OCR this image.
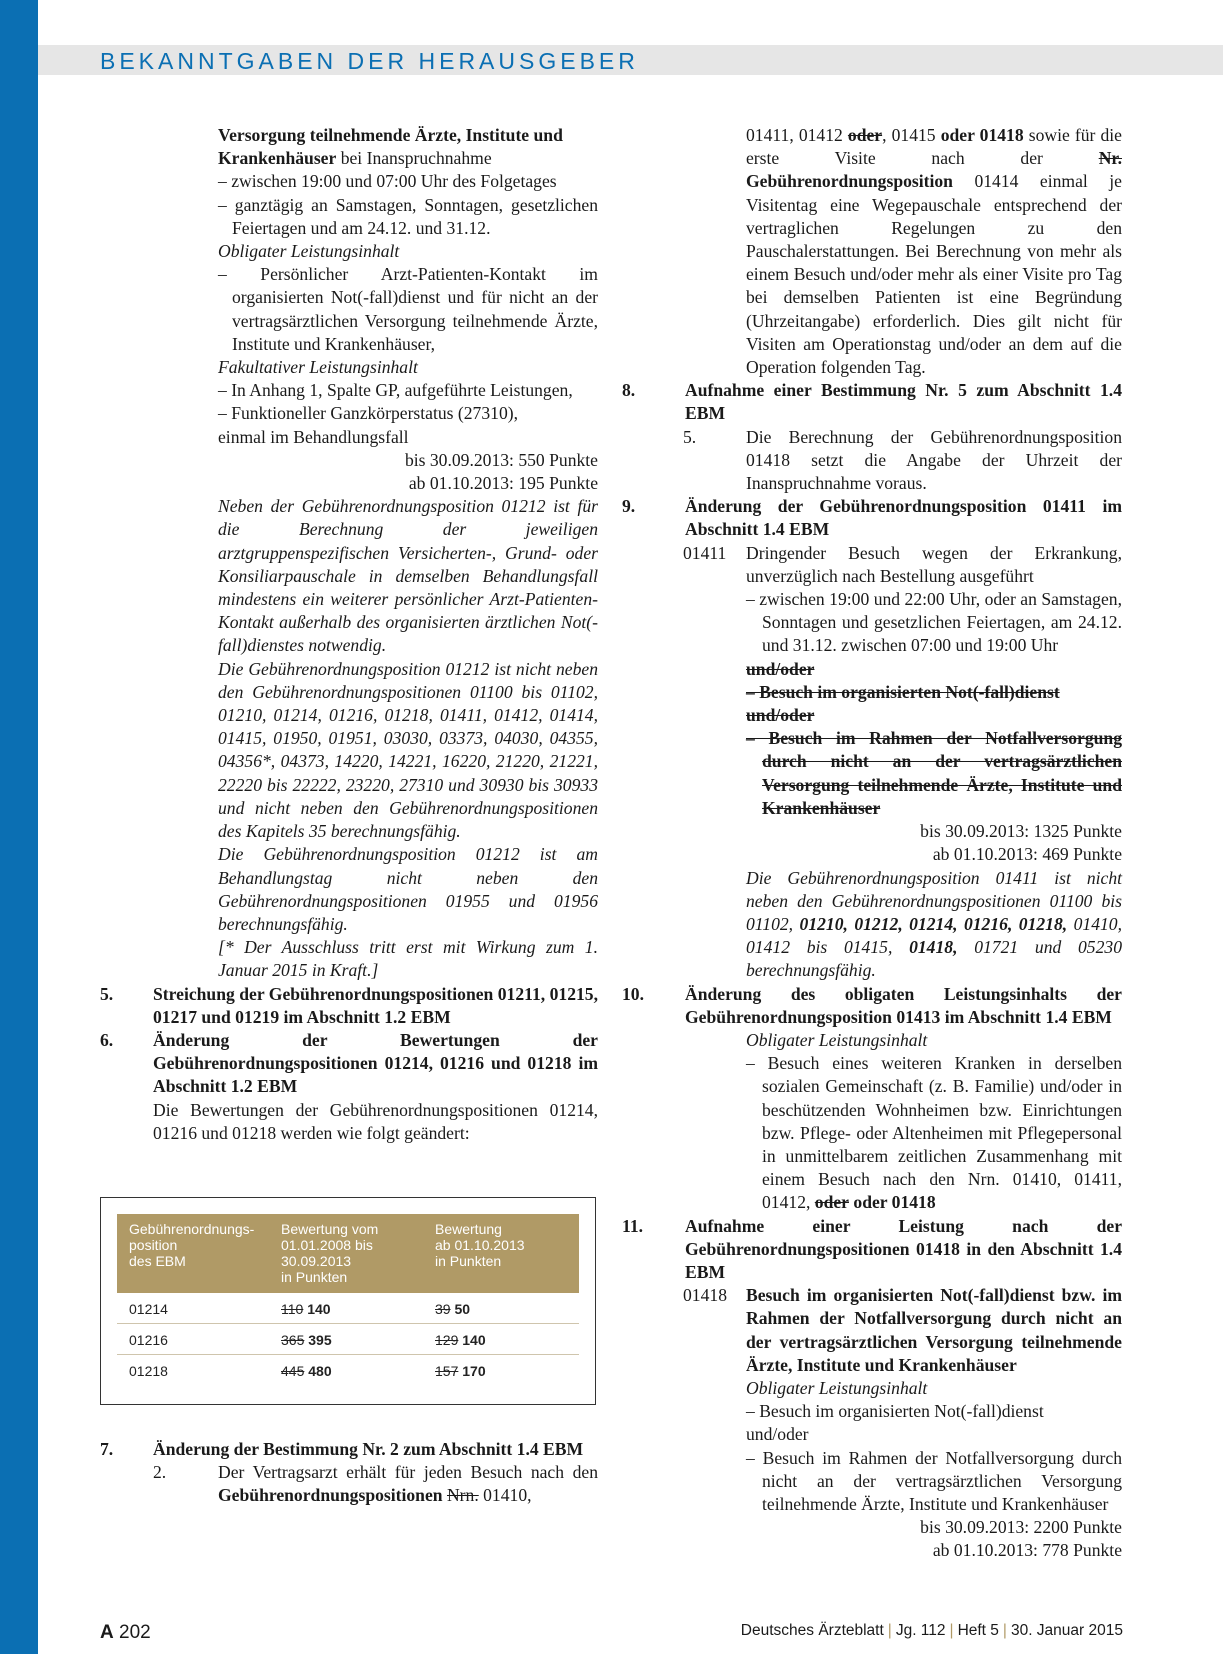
BEKANNTGABEN DER HERAUSGEBER

Versorgung teilnehmende Ärzte, Institute und
Krankenhäuser bei Inanspruchnahme

– zwischen 19:00 und 07:00 Uhr des Folgetages

– ganztägig an Samstagen, Sonntagen, gesetzlichen Feiertagen und am 24.12. und 31.12.

Obligater Leistungsinhalt

– Persönlicher Arzt-Patienten-Kontakt im organisierten Not(-fall)dienst und für nicht an der vertragsärztlichen Versorgung teilnehmende Ärzte, Institute und Krankenhäuser,

Fakultativer Leistungsinhalt

– In Anhang 1, Spalte GP, aufgeführte Leistungen,

– Funktioneller Ganzkörperstatus (27310),

einmal im Behandlungsfall

bis 30.09.2013: 550 Punkte

ab 01.10.2013: 195 Punkte

Neben der Gebührenordnungsposition 01212 ist für die Berechnung der jeweiligen arztgruppenspezifischen Versicherten-, Grund- oder Konsiliarpauschale in demselben Behandlungsfall mindestens ein weiterer persönlicher Arzt-Patienten-Kontakt außerhalb des organisierten ärztlichen Not(-fall)dienstes notwendig.

Die Gebührenordnungsposition 01212 ist nicht neben den Gebührenordnungspositionen 01100 bis 01102, 01210, 01214, 01216, 01218, 01411, 01412, 01414, 01415, 01950, 01951, 03030, 03373, 04030, 04355, 04356*, 04373, 14220, 14221, 16220, 21220, 21221, 22220 bis 22222, 23220, 27310 und 30930 bis 30933 und nicht neben den Gebührenordnungspositionen des Kapitels 35 berechnungsfähig.

Die Gebührenordnungsposition 01212 ist am Behandlungstag nicht neben den Gebührenordnungspositionen 01955 und 01956 berechnungsfähig.

[* Der Ausschluss tritt erst mit Wirkung zum 1. Januar 2015 in Kraft.]

5.	Streichung der Gebührenordnungspositionen 01211, 01215, 01217 und 01219 im Abschnitt 1.2 EBM
6.	Änderung der Bewertungen der Gebührenordnungspositionen 01214, 01216 und 01218 im Abschnitt 1.2 EBM

Die Bewertungen der Gebührenordnungspositionen 01214, 01216 und 01218 werden wie folgt geändert:

Gebührenordnungs-
position
des EBM	Bewertung vom
01.01.2008 bis
30.09.2013
in Punkten	Bewertung
ab 01.10.2013
in Punkten
01214	110 140	39 50
01216	365 395	129 140
01218	445 480	157 170
7.	Änderung der Bestimmung Nr. 2 zum Abschnitt 1.4 EBM
2.	Der Vertragsarzt erhält für jeden Besuch nach den Gebührenordnungspositionen Nrn. 01410,

01411, 01412 oder, 01415 oder 01418 sowie für die erste Visite nach der Nr. Gebührenordnungsposition 01414 einmal je Visitentag eine Wegepauschale entsprechend der vertraglichen Regelungen zu den Pauschalerstattungen. Bei Berechnung von mehr als einem Besuch und/oder mehr als einer Visite pro Tag bei demselben Patienten ist eine Begründung (Uhrzeitangabe) erforderlich. Dies gilt nicht für Visiten am Operationstag und/oder an dem auf die Operation folgenden Tag.

8.	Aufnahme einer Bestimmung Nr. 5 zum Abschnitt 1.4 EBM
5.	Die Berechnung der Gebührenordnungsposition 01418 setzt die Angabe der Uhrzeit der Inanspruchnahme voraus.
9.	Änderung der Gebührenordnungsposition 01411 im Abschnitt 1.4 EBM
01411	Dringender Besuch wegen der Erkrankung, unverzüglich nach Bestellung ausgeführt

– zwischen 19:00 und 22:00 Uhr, oder an Samstagen, Sonntagen und gesetzlichen Feiertagen, am 24.12. und 31.12. zwischen 07:00 und 19:00 Uhr

und/oder

– Besuch im organisierten Not(-fall)dienst

und/oder

– Besuch im Rahmen der Notfallversorgung durch nicht an der vertragsärztlichen Versorgung teilnehmende Ärzte, Institute und Krankenhäuser

bis 30.09.2013: 1325 Punkte

ab 01.10.2013: 469 Punkte

Die Gebührenordnungsposition 01411 ist nicht neben den Gebührenordnungspositionen 01100 bis 01102, 01210, 01212, 01214, 01216, 01218, 01410, 01412 bis 01415, 01418, 01721 und 05230 berechnungsfähig.

10.	Änderung des obligaten Leistungsinhalts der Gebührenordnungsposition 01413 im Abschnitt 1.4 EBM

Obligater Leistungsinhalt

– Besuch eines weiteren Kranken in derselben sozialen Gemeinschaft (z. B. Familie) und/oder in beschützenden Wohnheimen bzw. Einrichtungen bzw. Pflege- oder Altenheimen mit Pflegepersonal in unmittelbarem zeitlichen Zusammenhang mit einem Besuch nach den Nrn. 01410, 01411, 01412, oder oder 01418

11.	Aufnahme einer Leistung nach der Gebührenordnungspositionen 01418 in den Abschnitt 1.4 EBM
01418	Besuch im organisierten Not(-fall)dienst bzw. im Rahmen der Notfallversorgung durch nicht an der vertragsärztlichen Versorgung teilnehmende Ärzte, Institute und Krankenhäuser

Obligater Leistungsinhalt

– Besuch im organisierten Not(-fall)dienst

und/oder

– Besuch im Rahmen der Notfallversorgung durch nicht an der vertragsärztlichen Versorgung teilnehmende Ärzte, Institute und Krankenhäuser

bis 30.09.2013: 2200 Punkte

ab 01.10.2013: 778 Punkte

A 202	Deutsches Ärzteblatt | Jg. 112 | Heft 5 | 30. Januar 2015
